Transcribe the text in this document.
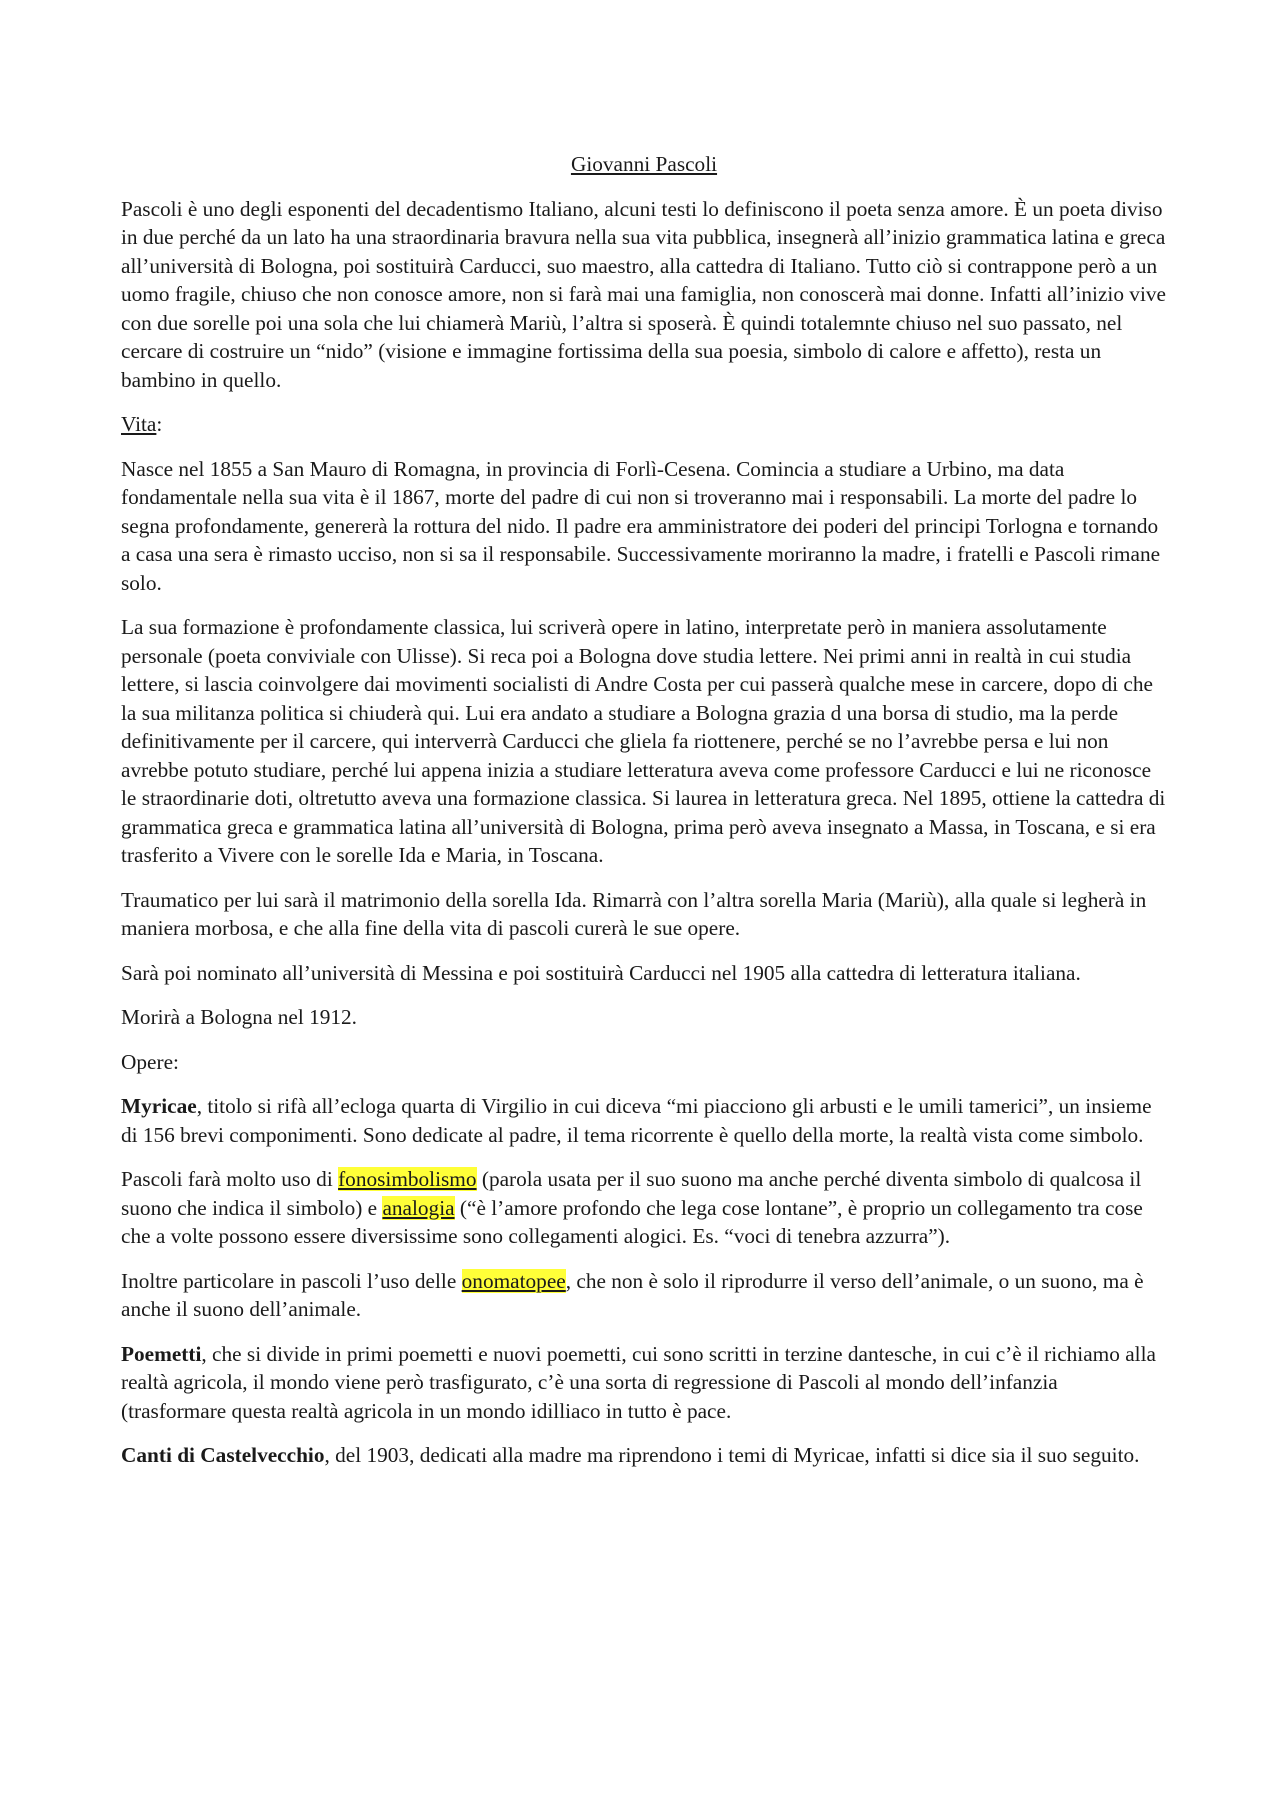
Giovanni Pascoli

Pascoli è uno degli esponenti del decadentismo Italiano, alcuni testi lo definiscono il poeta senza amore. È un poeta diviso in due perché da un lato ha una straordinaria bravura nella sua vita pubblica, insegnerà all’inizio grammatica latina e greca all’università di Bologna, poi sostituirà Carducci, suo maestro, alla cattedra di Italiano. Tutto ciò si contrappone però a un uomo fragile, chiuso che non conosce amore, non si farà mai una famiglia, non conoscerà mai donne. Infatti all’inizio vive con due sorelle poi una sola che lui chiamerà Mariù, l’altra si sposerà. È quindi totalemnte chiuso nel suo passato, nel cercare di costruire un “nido” (visione e immagine fortissima della sua poesia, simbolo di calore e affetto), resta un bambino in quello.

Vita:

Nasce nel 1855 a San Mauro di Romagna, in provincia di Forlì-Cesena. Comincia a studiare a Urbino, ma data fondamentale nella sua vita è il 1867, morte del padre di cui non si troveranno mai i responsabili. La morte del padre lo segna profondamente, genererà la rottura del nido. Il padre era amministratore dei poderi del principi Torlogna e tornando a casa una sera è rimasto ucciso, non si sa il responsabile. Successivamente moriranno la madre, i fratelli e Pascoli rimane solo.

La sua formazione è profondamente classica, lui scriverà opere in latino, interpretate però in maniera assolutamente personale (poeta conviviale con Ulisse). Si reca poi a Bologna dove studia lettere. Nei primi anni in realtà in cui studia lettere, si lascia coinvolgere dai movimenti socialisti di Andre Costa per cui passerà qualche mese in carcere, dopo di che la sua militanza politica si chiuderà qui. Lui era andato a studiare a Bologna grazia d una borsa di studio, ma la perde definitivamente per il carcere, qui interverrà Carducci che gliela fa riottenere, perché se no l’avrebbe persa e lui non avrebbe potuto studiare, perché lui appena inizia a studiare letteratura aveva come professore Carducci e lui ne riconosce le straordinarie doti, oltretutto aveva una formazione classica. Si laurea in letteratura greca. Nel 1895, ottiene la cattedra di grammatica greca e grammatica latina all’università di Bologna, prima però aveva insegnato a Massa, in Toscana, e si era trasferito a Vivere con le sorelle Ida e Maria, in Toscana.

Traumatico per lui sarà il matrimonio della sorella Ida. Rimarrà con l’altra sorella Maria (Mariù), alla quale si legherà in maniera morbosa, e che alla fine della vita di pascoli curerà le sue opere.

Sarà poi nominato all’università di Messina e poi sostituirà Carducci nel 1905 alla cattedra di letteratura italiana.

Morirà a Bologna nel 1912.

Opere:

Myricae, titolo si rifà all’ecloga quarta di Virgilio in cui diceva “mi piacciono gli arbusti e le umili tamerici”, un insieme di 156 brevi componimenti. Sono dedicate al padre, il tema ricorrente è quello della morte, la realtà vista come simbolo.

Pascoli farà molto uso di fonosimbolismo (parola usata per il suo suono ma anche perché diventa simbolo di qualcosa il suono che indica il simbolo) e analogia (“è l’amore profondo che lega cose lontane”, è proprio un collegamento tra cose che a volte possono essere diversissime sono collegamenti alogici. Es. “voci di tenebra azzurra”).

Inoltre particolare in pascoli l’uso delle onomatopee, che non è solo il riprodurre il verso dell’animale, o un suono, ma è anche il suono dell’animale.

Poemetti, che si divide in primi poemetti e nuovi poemetti, cui sono scritti in terzine dantesche, in cui c’è il richiamo alla realtà agricola, il mondo viene però trasfigurato, c’è una sorta di regressione di Pascoli al mondo dell’infanzia (trasformare questa realtà agricola in un mondo idilliaco in tutto è pace.

Canti di Castelvecchio, del 1903, dedicati alla madre ma riprendono i temi di Myricae, infatti si dice sia il suo seguito.
